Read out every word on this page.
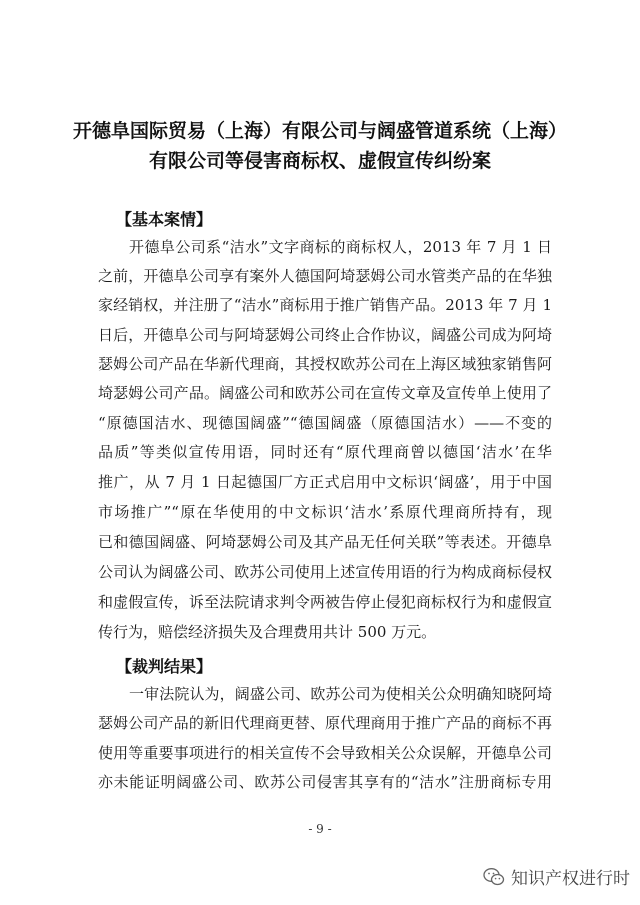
开德阜国际贸易（上海）有限公司与阔盛管道系统（上海）
有限公司等侵害商标权、虚假宣传纠纷案
【基本案情】
开德阜公司系“洁水”文字商标的商标权人，2013 年 7 月 1 日
之前，开德阜公司享有案外人德国阿埼瑟姆公司水管类产品的在华独
家经销权，并注册了“洁水”商标用于推广销售产品。2013 年 7 月 1
日后，开德阜公司与阿埼瑟姆公司终止合作协议，阔盛公司成为阿埼
瑟姆公司产品在华新代理商，其授权欧苏公司在上海区域独家销售阿
埼瑟姆公司产品。阔盛公司和欧苏公司在宣传文章及宣传单上使用了
“原德国洁水、现德国阔盛”“德国阔盛（原德国洁水）——不变的
品质”等类似宣传用语，同时还有“原代理商曾以德国‘洁水’在华
推广，从 7 月 1 日起德国厂方正式启用中文标识‘阔盛’，用于中国
市场推广”“原在华使用的中文标识‘洁水’系原代理商所持有，现
已和德国阔盛、阿埼瑟姆公司及其产品无任何关联”等表述。开德阜
公司认为阔盛公司、欧苏公司使用上述宣传用语的行为构成商标侵权
和虚假宣传，诉至法院请求判令两被告停止侵犯商标权行为和虚假宣
传行为，赔偿经济损失及合理费用共计 500 万元。
【裁判结果】
一审法院认为，阔盛公司、欧苏公司为使相关公众明确知晓阿埼
瑟姆公司产品的新旧代理商更替、原代理商用于推广产品的商标不再
使用等重要事项进行的相关宣传不会导致相关公众误解，开德阜公司
亦未能证明阔盛公司、欧苏公司侵害其享有的“洁水”注册商标专用
- 9 -
知识产权进行时
